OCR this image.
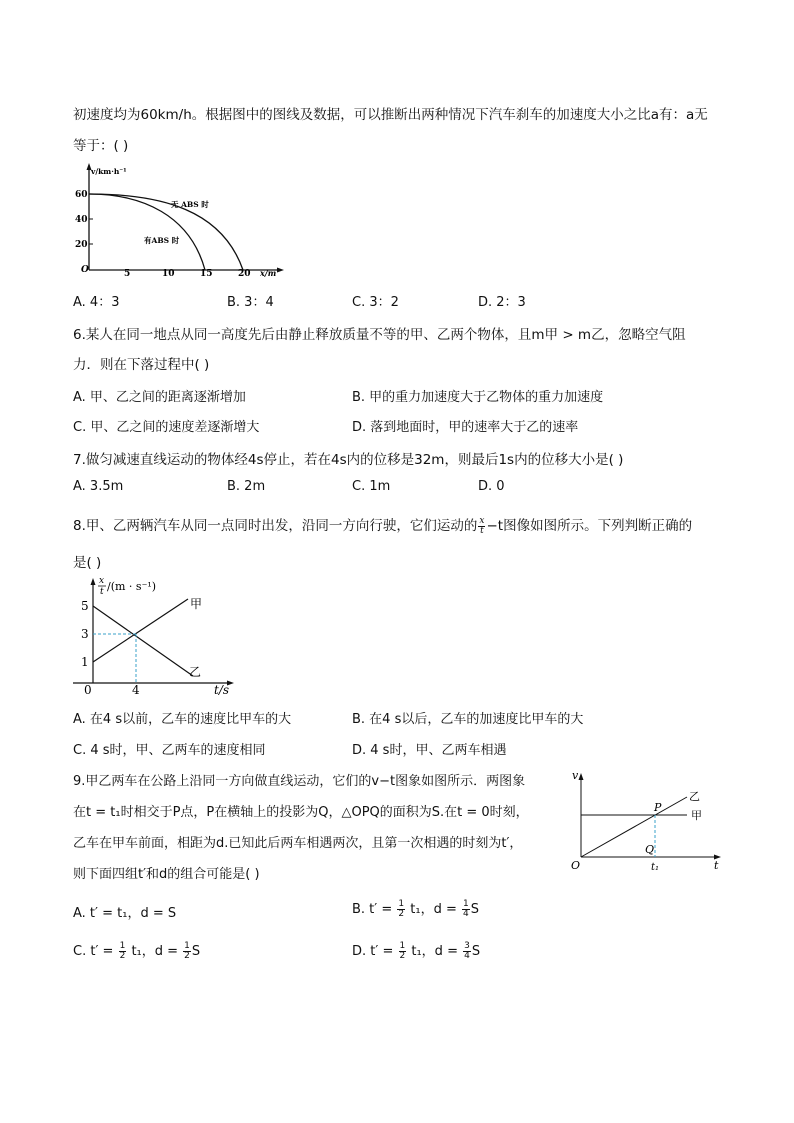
初速度均为60km/h。根据图中的图线及数据，可以推断出两种情况下汽车刹车的加速度大小之比a有：a无
等于：( )
v/km·h⁻¹
60
40
20
O	5	10	15	20 x/m
无 ABS 时
有ABS 时
A. 4：3	B. 3：4	C. 3：2	D. 2：3
6.某人在同一地点从同一高度先后由静止释放质量不等的甲、乙两个物体，且m甲 > m乙，忽略空气阻
力．则在下落过程中( )
A. 甲、乙之间的距离逐渐增加	B. 甲的重力加速度大于乙物体的重力加速度
C. 甲、乙之间的速度差逐渐增大	D. 落到地面时，甲的速率大于乙的速率
7.做匀减速直线运动的物体经4s停止，若在4s内的位移是32m，则最后1s内的位移大小是( )
A. 3.5m	B. 2m	C. 1m	D. 0
8.甲、乙两辆汽车从同一点同时出发，沿同一方向行驶，它们运动的 $\frac{x}{t} -t$图像如图所示。下列判断正确的
是( )
x
t /(m · s⁻¹)
5
3
1
0	4	t/s
甲
乙
A. 在4 s以前，乙车的速度比甲车的大	B. 在4 s以后，乙车的加速度比甲车的大
C. 4 s时，甲、乙两车的速度相同	D. 4 s时，甲、乙两车相遇
9.甲乙两车在公路上沿同一方向做直线运动，它们的v−t图象如图所示．两图象
在t = t₁时相交于P点，P在横轴上的投影为Q，△OPQ的面积为S.在t = 0时刻，
乙车在甲车前面，相距为d.已知此后两车相遇两次，且第一次相遇的时刻为t′，
则下面四组t′和d的组合可能是( )
v
t
O
P
Q
t₁
甲
乙
A. t′ = t₁，d = S	B. $t' = \frac{1}{2} t_1$，$d = \frac{1}{4}$ S
C. $t' = \frac{1}{2} t_1$，$d = \frac{1}{2}$ S	D. $t' = \frac{1}{2} t_1$，$d = \frac{3}{4}$ S
